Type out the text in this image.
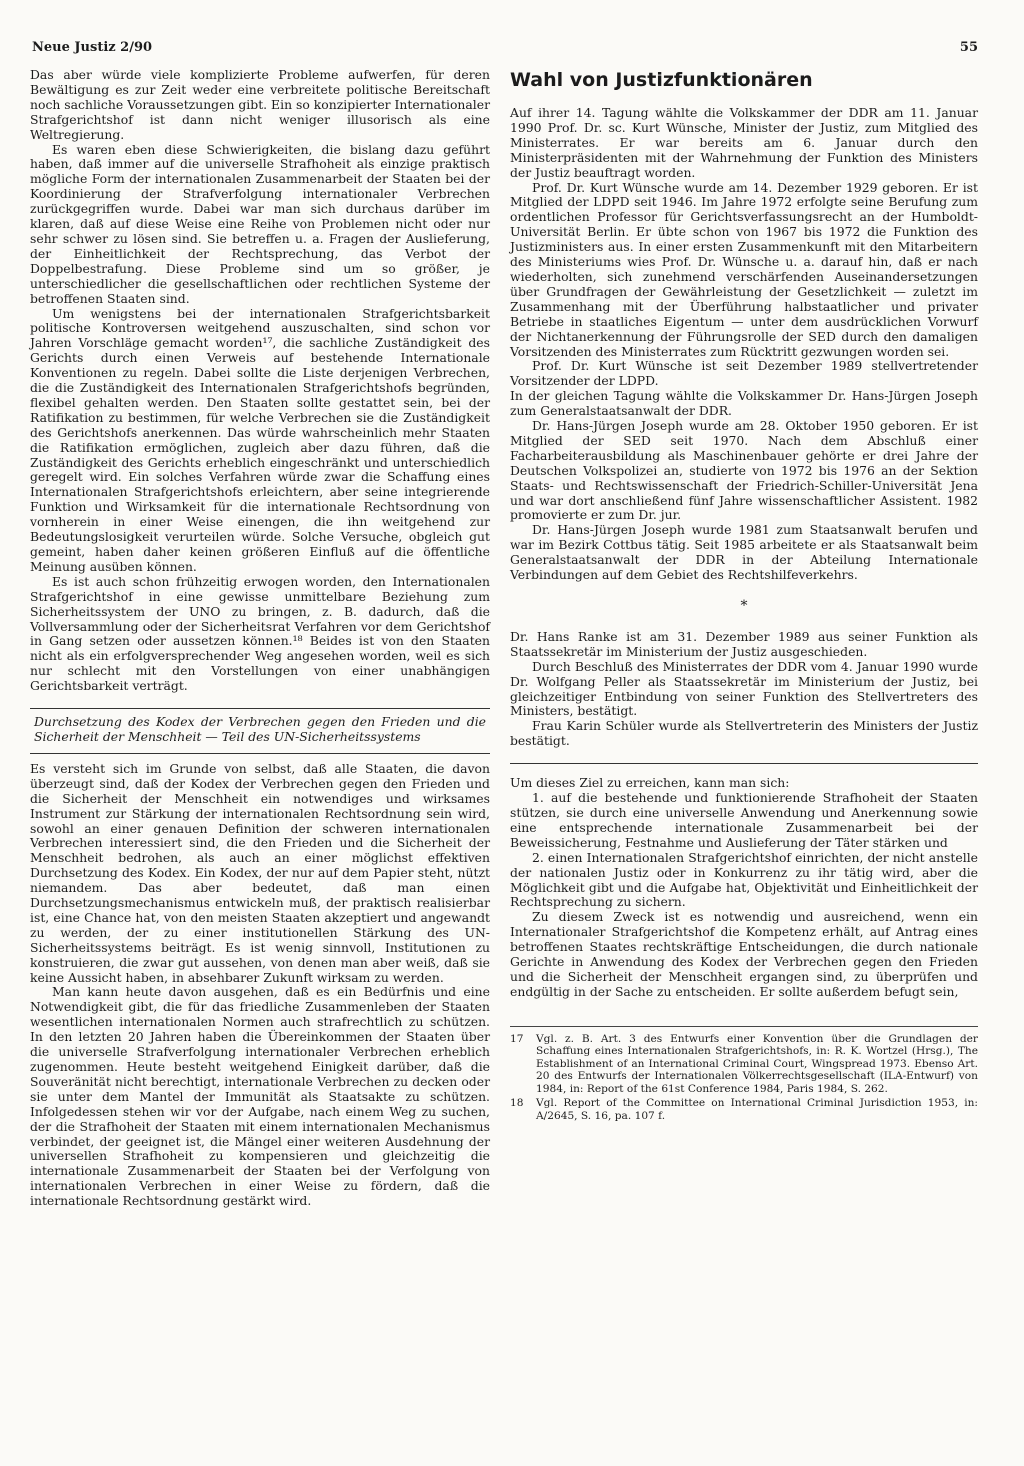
Neue Justiz 2/90	55

Das aber würde viele komplizierte Probleme aufwerfen, für deren Bewältigung es zur Zeit weder eine verbreitete politische Bereitschaft noch sachliche Voraussetzungen gibt. Ein so konzipierter Internationaler Strafgerichtshof ist dann nicht weniger illusorisch als eine Weltregierung.

Es waren eben diese Schwierigkeiten, die bislang dazu geführt haben, daß immer auf die universelle Strafhoheit als einzige praktisch mögliche Form der internationalen Zusammenarbeit der Staaten bei der Koordinierung der Strafverfolgung internationaler Verbrechen zurückgegriffen wurde. Dabei war man sich durchaus darüber im klaren, daß auf diese Weise eine Reihe von Problemen nicht oder nur sehr schwer zu lösen sind. Sie betreffen u. a. Fragen der Auslieferung, der Einheitlichkeit der Rechtsprechung, das Verbot der Doppelbestrafung. Diese Probleme sind um so größer, je unterschiedlicher die gesellschaftlichen oder rechtlichen Systeme der betroffenen Staaten sind.

Um wenigstens bei der internationalen Strafgerichtsbarkeit politische Kontroversen weitgehend auszuschalten, sind schon vor Jahren Vorschläge gemacht worden¹⁷, die sachliche Zuständigkeit des Gerichts durch einen Verweis auf bestehende Internationale Konventionen zu regeln. Dabei sollte die Liste derjenigen Verbrechen, die die Zuständigkeit des Internationalen Strafgerichtshofs begründen, flexibel gehalten werden. Den Staaten sollte gestattet sein, bei der Ratifikation zu bestimmen, für welche Verbrechen sie die Zuständigkeit des Gerichtshofs anerkennen. Das würde wahrscheinlich mehr Staaten die Ratifikation ermöglichen, zugleich aber dazu führen, daß die Zuständigkeit des Gerichts erheblich eingeschränkt und unterschiedlich geregelt wird. Ein solches Verfahren würde zwar die Schaffung eines Internationalen Strafgerichtshofs erleichtern, aber seine integrierende Funktion und Wirksamkeit für die internationale Rechtsordnung von vornherein in einer Weise einengen, die ihn weitgehend zur Bedeutungslosigkeit verurteilen würde. Solche Versuche, obgleich gut gemeint, haben daher keinen größeren Einfluß auf die öffentliche Meinung ausüben können.

Es ist auch schon frühzeitig erwogen worden, den Internationalen Strafgerichtshof in eine gewisse unmittelbare Beziehung zum Sicherheitssystem der UNO zu bringen, z. B. dadurch, daß die Vollversammlung oder der Sicherheitsrat Verfahren vor dem Gerichtshof in Gang setzen oder aussetzen können.¹⁸ Beides ist von den Staaten nicht als ein erfolgversprechender Weg angesehen worden, weil es sich nur schlecht mit den Vorstellungen von einer unabhängigen Gerichtsbarkeit verträgt.

Durchsetzung des Kodex der Verbrechen gegen den Frieden und die Sicherheit der Menschheit — Teil des UN-Sicherheitssystems

Es versteht sich im Grunde von selbst, daß alle Staaten, die davon überzeugt sind, daß der Kodex der Verbrechen gegen den Frieden und die Sicherheit der Menschheit ein notwendiges und wirksames Instrument zur Stärkung der internationalen Rechtsordnung sein wird, sowohl an einer genauen Definition der schweren internationalen Verbrechen interessiert sind, die den Frieden und die Sicherheit der Menschheit bedrohen, als auch an einer möglichst effektiven Durchsetzung des Kodex. Ein Kodex, der nur auf dem Papier steht, nützt niemandem. Das aber bedeutet, daß man einen Durchsetzungsmechanismus entwickeln muß, der praktisch realisierbar ist, eine Chance hat, von den meisten Staaten akzeptiert und angewandt zu werden, der zu einer institutionellen Stärkung des UN-Sicherheitssystems beiträgt. Es ist wenig sinnvoll, Institutionen zu konstruieren, die zwar gut aussehen, von denen man aber weiß, daß sie keine Aussicht haben, in absehbarer Zukunft wirksam zu werden.

Man kann heute davon ausgehen, daß es ein Bedürfnis und eine Notwendigkeit gibt, die für das friedliche Zusammenleben der Staaten wesentlichen internationalen Normen auch strafrechtlich zu schützen. In den letzten 20 Jahren haben die Übereinkommen der Staaten über die universelle Strafverfolgung internationaler Verbrechen erheblich zugenommen. Heute besteht weitgehend Einigkeit darüber, daß die Souveränität nicht berechtigt, internationale Verbrechen zu decken oder sie unter dem Mantel der Immunität als Staatsakte zu schützen. Infolgedessen stehen wir vor der Aufgabe, nach einem Weg zu suchen, der die Strafhoheit der Staaten mit einem internationalen Mechanismus verbindet, der geeignet ist, die Mängel einer weiteren Ausdehnung der universellen Strafhoheit zu kompensieren und gleichzeitig die internationale Zusammenarbeit der Staaten bei der Verfolgung von internationalen Verbrechen in einer Weise zu fördern, daß die internationale Rechtsordnung gestärkt wird.

Wahl von Justizfunktionären

Auf ihrer 14. Tagung wählte die Volkskammer der DDR am 11. Januar 1990 Prof. Dr. sc. Kurt Wünsche, Minister der Justiz, zum Mitglied des Ministerrates. Er war bereits am 6. Januar durch den Ministerpräsidenten mit der Wahrnehmung der Funktion des Ministers der Justiz beauftragt worden.

Prof. Dr. Kurt Wünsche wurde am 14. Dezember 1929 geboren. Er ist Mitglied der LDPD seit 1946. Im Jahre 1972 erfolgte seine Berufung zum ordentlichen Professor für Gerichtsverfassungsrecht an der Humboldt-Universität Berlin. Er übte schon von 1967 bis 1972 die Funktion des Justizministers aus. In einer ersten Zusammenkunft mit den Mitarbeitern des Ministeriums wies Prof. Dr. Wünsche u. a. darauf hin, daß er nach wiederholten, sich zunehmend verschärfenden Auseinandersetzungen über Grundfragen der Gewährleistung der Gesetzlichkeit — zuletzt im Zusammenhang mit der Überführung halbstaatlicher und privater Betriebe in staatliches Eigentum — unter dem ausdrücklichen Vorwurf der Nichtanerkennung der Führungsrolle der SED durch den damaligen Vorsitzenden des Ministerrates zum Rücktritt gezwungen worden sei.

Prof. Dr. Kurt Wünsche ist seit Dezember 1989 stellvertretender Vorsitzender der LDPD.

In der gleichen Tagung wählte die Volkskammer Dr. Hans-Jürgen Joseph zum Generalstaatsanwalt der DDR.

Dr. Hans-Jürgen Joseph wurde am 28. Oktober 1950 geboren. Er ist Mitglied der SED seit 1970. Nach dem Abschluß einer Facharbeiterausbildung als Maschinenbauer gehörte er drei Jahre der Deutschen Volkspolizei an, studierte von 1972 bis 1976 an der Sektion Staats- und Rechtswissenschaft der Friedrich-Schiller-Universität Jena und war dort anschließend fünf Jahre wissenschaftlicher Assistent. 1982 promovierte er zum Dr. jur.

Dr. Hans-Jürgen Joseph wurde 1981 zum Staatsanwalt berufen und war im Bezirk Cottbus tätig. Seit 1985 arbeitete er als Staatsanwalt beim Generalstaatsanwalt der DDR in der Abteilung Internationale Verbindungen auf dem Gebiet des Rechtshilfeverkehrs.

*

Dr. Hans Ranke ist am 31. Dezember 1989 aus seiner Funktion als Staatssekretär im Ministerium der Justiz ausgeschieden.

Durch Beschluß des Ministerrates der DDR vom 4. Januar 1990 wurde Dr. Wolfgang Peller als Staatssekretär im Ministerium der Justiz, bei gleichzeitiger Entbindung von seiner Funktion des Stellvertreters des Ministers, bestätigt.

Frau Karin Schüler wurde als Stellvertreterin des Ministers der Justiz bestätigt.

Um dieses Ziel zu erreichen, kann man sich:

1. auf die bestehende und funktionierende Strafhoheit der Staaten stützen, sie durch eine universelle Anwendung und Anerkennung sowie eine entsprechende internationale Zusammenarbeit bei der Beweissicherung, Festnahme und Auslieferung der Täter stärken und

2. einen Internationalen Strafgerichtshof einrichten, der nicht anstelle der nationalen Justiz oder in Konkurrenz zu ihr tätig wird, aber die Möglichkeit gibt und die Aufgabe hat, Objektivität und Einheitlichkeit der Rechtsprechung zu sichern.

Zu diesem Zweck ist es notwendig und ausreichend, wenn ein Internationaler Strafgerichtshof die Kompetenz erhält, auf Antrag eines betroffenen Staates rechtskräftige Entscheidungen, die durch nationale Gerichte in Anwendung des Kodex der Verbrechen gegen den Frieden und die Sicherheit der Menschheit ergangen sind, zu überprüfen und endgültig in der Sache zu entscheiden. Er sollte außerdem befugt sein,

17	Vgl. z. B. Art. 3 des Entwurfs einer Konvention über die Grundlagen der Schaffung eines Internationalen Strafgerichtshofs, in: R. K. Wortzel (Hrsg.), The Establishment of an International Criminal Court, Wingspread 1973. Ebenso Art. 20 des Entwurfs der Internationalen Völkerrechtsgesellschaft (ILA-Entwurf) von 1984, in: Report of the 61st Conference 1984, Paris 1984, S. 262.
18	Vgl. Report of the Committee on International Criminal Jurisdiction 1953, in: A/2645, S. 16, pa. 107 f.
